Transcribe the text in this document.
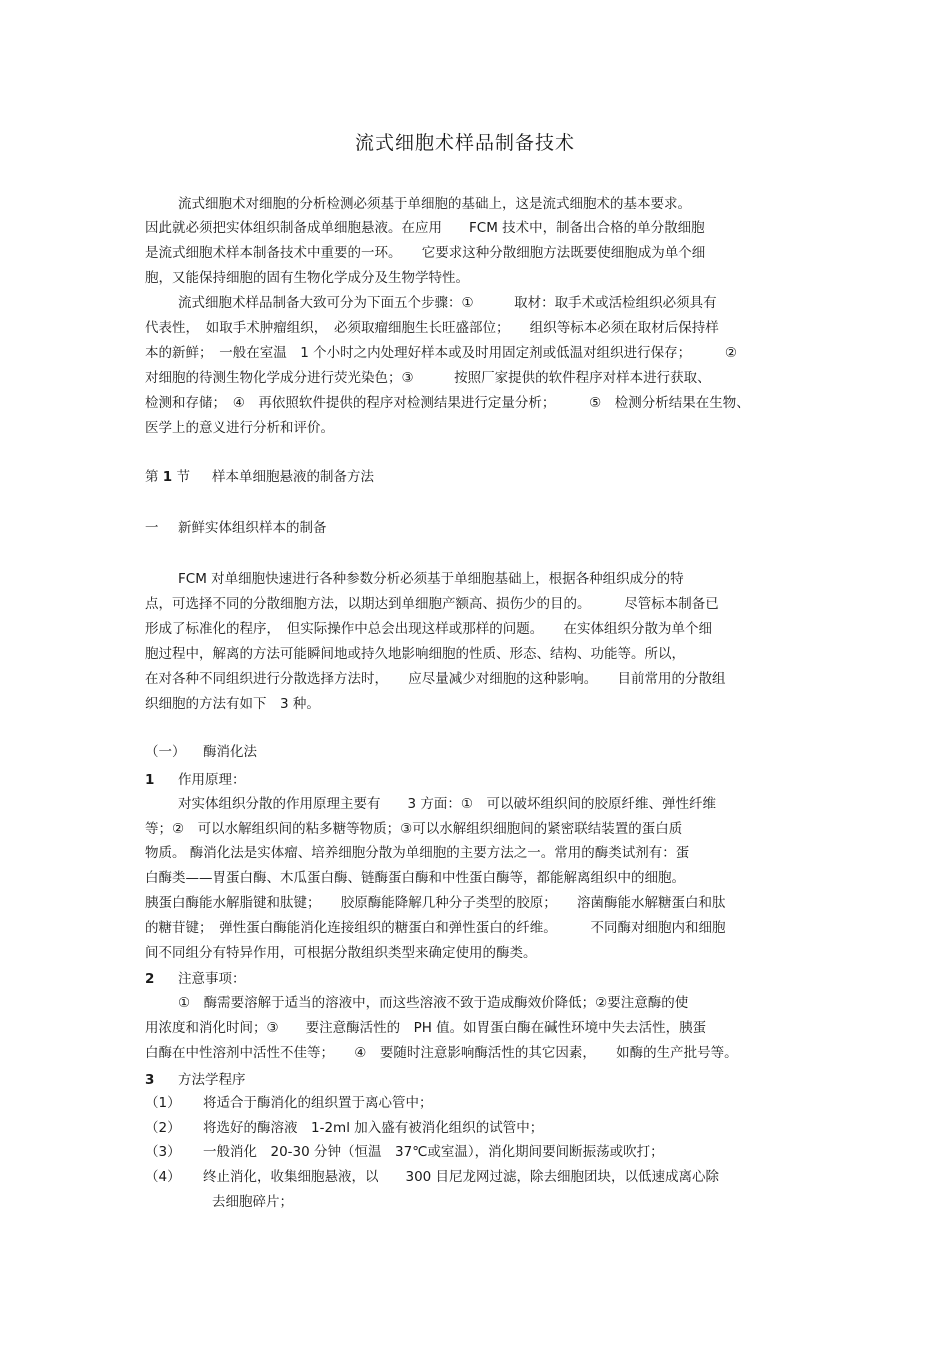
流式细胞术样品制备技术
流式细胞术对细胞的分析检测必须基于单细胞的基础上，这是流式细胞术的基本要求。
因此就必须把实体组织制备成单细胞悬液。在应用　　FCM 技术中，制备出合格的单分散细胞
是流式细胞术样本制备技术中重要的一环。　　它要求这种分散细胞方法既要使细胞成为单个细
胞，又能保持细胞的固有生物化学成分及生物学特性。
流式细胞术样品制备大致可分为下面五个步骤：①　　　取材：取手术或活检组织必须具有
代表性，　如取手术肿瘤组织，　必须取瘤细胞生长旺盛部位；　　组织等标本必须在取材后保持样
本的新鲜；　一般在室温　1 个小时之内处理好样本或及时用固定剂或低温对组织进行保存；　　　②
对细胞的待测生物化学成分进行荧光染色；③　　　按照厂家提供的软件程序对样本进行获取、
检测和存储；　④　再依照软件提供的程序对检测结果进行定量分析；　　　⑤　检测分析结果在生物、
医学上的意义进行分析和评价。
第 1 节 样本单细胞悬液的制备方法
一 新鲜实体组织样本的制备
FCM 对单细胞快速进行各种参数分析必须基于单细胞基础上，根据各种组织成分的特
点，可选择不同的分散细胞方法，以期达到单细胞产额高、损伤少的目的。　　　尽管标本制备已
形成了标准化的程序，　但实际操作中总会出现这样或那样的问题。　　在实体组织分散为单个细
胞过程中，解离的方法可能瞬间地或持久地影响细胞的性质、形态、结构、功能等。所以，
在对各种不同组织进行分散选择方法时，　　应尽量减少对细胞的这种影响。　　目前常用的分散组
织细胞的方法有如下　3 种。
（一） 酶消化法
1 作用原理：
对实体组织分散的作用原理主要有　　3 方面：①　可以破坏组织间的胶原纤维、弹性纤维
等；②　可以水解组织间的粘多糖等物质；③可以水解组织细胞间的紧密联结装置的蛋白质
物质。 酶消化法是实体瘤、培养细胞分散为单细胞的主要方法之一。常用的酶类试剂有：蛋
白酶类——胃蛋白酶、木瓜蛋白酶、链酶蛋白酶和中性蛋白酶等，都能解离组织中的细胞。
胰蛋白酶能水解脂键和肽键；　　胶原酶能降解几种分子类型的胶原；　　溶菌酶能水解糖蛋白和肽
的糖苷键；　弹性蛋白酶能消化连接组织的糖蛋白和弹性蛋白的纤维。　　　不同酶对细胞内和细胞
间不同组分有特异作用，可根据分散组织类型来确定使用的酶类。
2 注意事项：
①　酶需要溶解于适当的溶液中，而这些溶液不致于造成酶效价降低；②要注意酶的使
用浓度和消化时间；③　　要注意酶活性的　PH 值。如胃蛋白酶在碱性环境中失去活性，胰蛋
白酶在中性溶剂中活性不佳等；　　④　要随时注意影响酶活性的其它因素，　　如酶的生产批号等。
3 方法学程序
（1） 将适合于酶消化的组织置于离心管中；
（2） 将选好的酶溶液　1-2ml 加入盛有被消化组织的试管中；
（3） 一般消化　20-30 分钟（恒温　37℃或室温），消化期间要间断振荡或吹打；
（4） 终止消化，收集细胞悬液，以　　300 目尼龙网过滤，除去细胞团块，以低速成离心除
去细胞碎片；
